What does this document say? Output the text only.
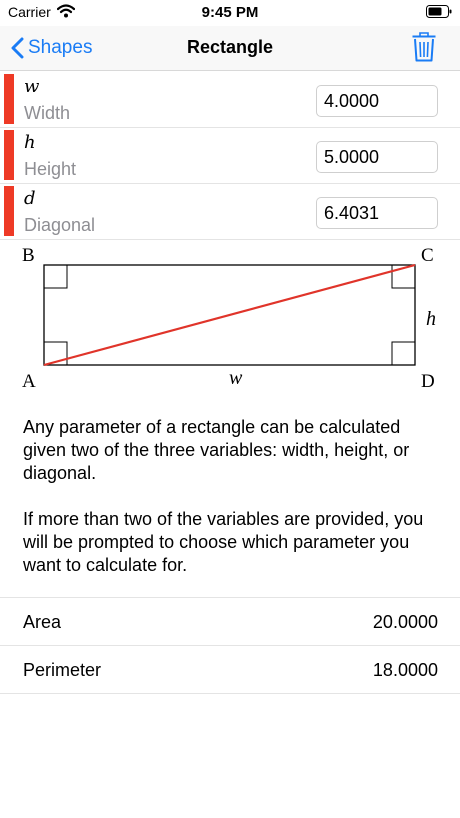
Carrier	9:45 PM
Shapes	Rectangle
w
Width
4.0000
h
Height
5.0000
d
Diagonal
6.4031
B	C
A	D
w
h

Any parameter of a rectangle can be calculated given two of the three variables: width, height, or diagonal.

If more than two of the variables are provided, you will be prompted to choose which parameter you want to calculate for.

Area	20.0000
Perimeter	18.0000
